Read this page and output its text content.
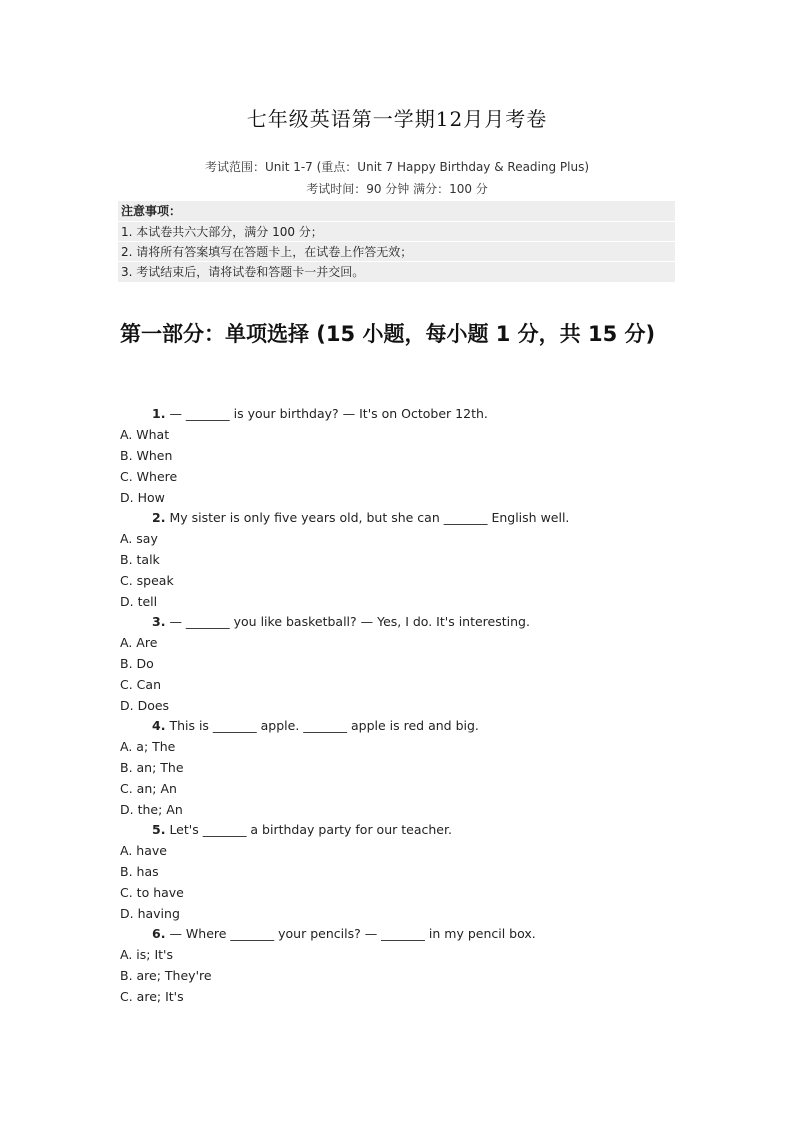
七年级英语第一学期12月月考卷
考试范围：Unit 1-7 (重点：Unit 7 Happy Birthday & Reading Plus)
考试时间：90 分钟 满分：100 分
注意事项：
1. 本试卷共六大部分，满分 100 分；
2. 请将所有答案填写在答题卡上，在试卷上作答无效；
3. 考试结束后，请将试卷和答题卡一并交回。
第一部分：单项选择 (15 小题，每小题 1 分，共 15 分)
1. — _______ is your birthday? — It's on October 12th.
A. What
B. When
C. Where
D. How
2. My sister is only five years old, but she can _______ English well.
A. say
B. talk
C. speak
D. tell
3. — _______ you like basketball? — Yes, I do. It's interesting.
A. Are
B. Do
C. Can
D. Does
4. This is _______ apple. _______ apple is red and big.
A. a; The
B. an; The
C. an; An
D. the; An
5. Let's _______ a birthday party for our teacher.
A. have
B. has
C. to have
D. having
6. — Where _______ your pencils? — _______ in my pencil box.
A. is; It's
B. are; They're
C. are; It's
